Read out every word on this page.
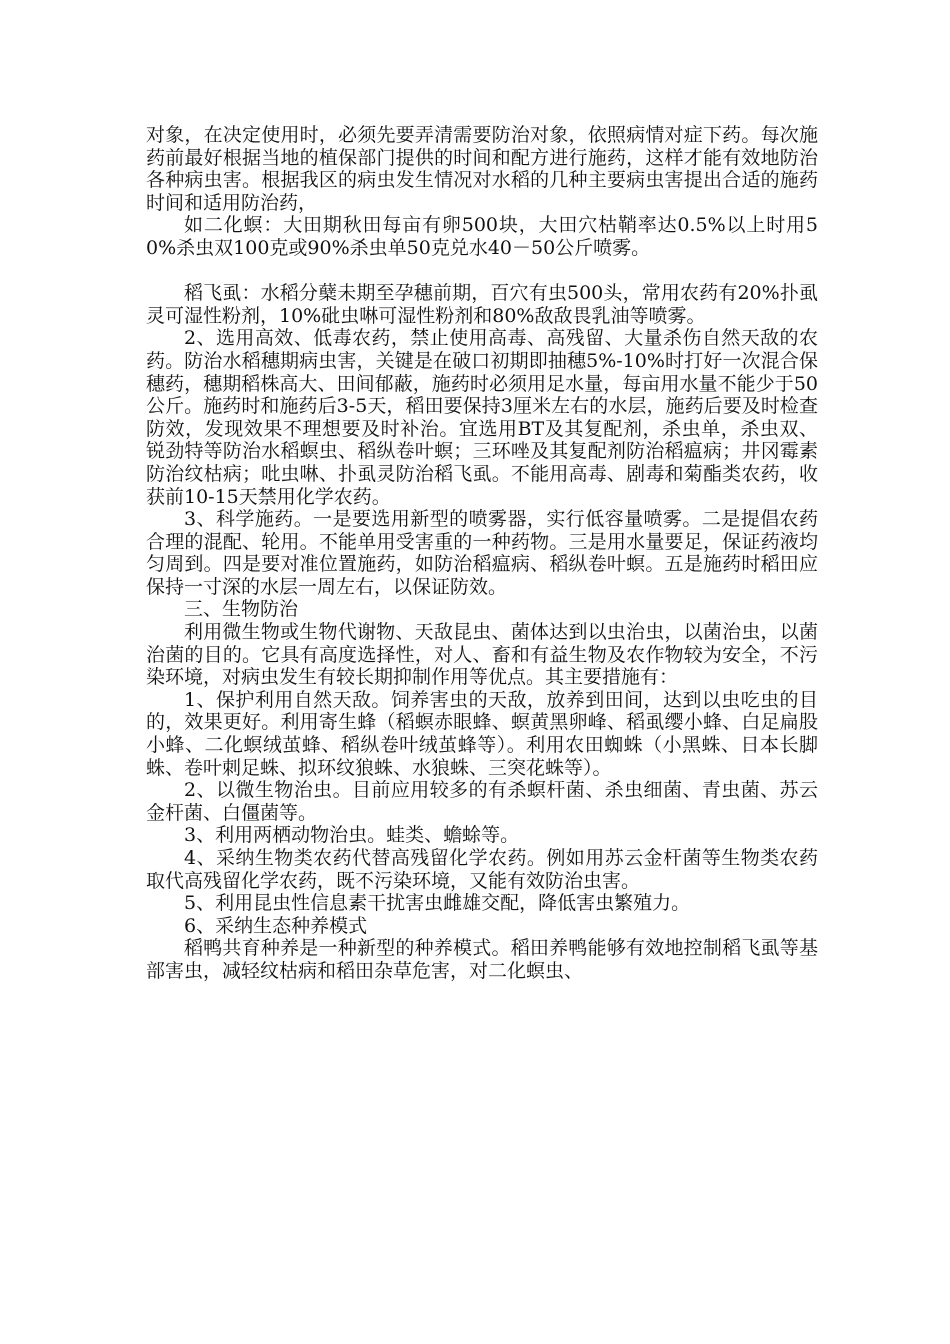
对象，在决定使用时，必须先要弄清需要防治对象，依照病情对症下药。每次施药前最好根据当地的植保部门提供的时间和配方进行施药，这样才能有效地防治各种病虫害。根据我区的病虫发生情况对水稻的几种主要病虫害提出合适的施药时间和适用防治药，

如二化螟：大田期秋田每亩有卵500块，大田穴枯鞘率达0.5%以上时用50%杀虫双100克或90%杀虫单50克兑水40－50公斤喷雾。

稻飞虱：水稻分蘖未期至孕穗前期，百穴有虫500头，常用农药有20%扑虱灵可湿性粉剂，10%砒虫啉可湿性粉剂和80%敌敌畏乳油等喷雾。

2、选用高效、低毒农药，禁止使用高毒、高残留、大量杀伤自然天敌的农药。防治水稻穗期病虫害，关键是在破口初期即抽穗5%-10%时打好一次混合保穗药，穗期稻株高大、田间郁蔽，施药时必须用足水量，每亩用水量不能少于50公斤。施药时和施药后3-5天，稻田要保持3厘米左右的水层，施药后要及时检查防效，发现效果不理想要及时补治。宜选用BT及其复配剂，杀虫单，杀虫双、锐劲特等防治水稻螟虫、稻纵卷叶螟；三环唑及其复配剂防治稻瘟病；井冈霉素防治纹枯病；吡虫啉、扑虱灵防治稻飞虱。不能用高毒、剧毒和菊酯类农药，收获前10-15天禁用化学农药。

3、科学施药。一是要选用新型的喷雾器，实行低容量喷雾。二是提倡农药合理的混配、轮用。不能单用受害重的一种药物。三是用水量要足，保证药液均匀周到。四是要对准位置施药，如防治稻瘟病、稻纵卷叶螟。五是施药时稻田应保持一寸深的水层一周左右，以保证防效。

三、生物防治

利用微生物或生物代谢物、天敌昆虫、菌体达到以虫治虫，以菌治虫，以菌治菌的目的。它具有高度选择性，对人、畜和有益生物及农作物较为安全，不污染环境，对病虫发生有较长期抑制作用等优点。其主要措施有：

1、保护利用自然天敌。饲养害虫的天敌，放养到田间，达到以虫吃虫的目的，效果更好。利用寄生蜂（稻螟赤眼蜂、螟黄黑卵峰、稻虱缨小蜂、白足扁股小蜂、二化螟绒茧蜂、稻纵卷叶绒茧蜂等）。利用农田蜘蛛（小黑蛛、日本长脚蛛、卷叶刺足蛛、拟环纹狼蛛、水狼蛛、三突花蛛等）。

2、以微生物治虫。目前应用较多的有杀螟杆菌、杀虫细菌、青虫菌、苏云金杆菌、白僵菌等。

3、利用两栖动物治虫。蛙类、蟾蜍等。

4、采纳生物类农药代替高残留化学农药。例如用苏云金杆菌等生物类农药取代高残留化学农药，既不污染环境，又能有效防治虫害。

5、利用昆虫性信息素干扰害虫雌雄交配，降低害虫繁殖力。

6、采纳生态种养模式

稻鸭共育种养是一种新型的种养模式。稻田养鸭能够有效地控制稻飞虱等基部害虫，减轻纹枯病和稻田杂草危害，对二化螟虫、
